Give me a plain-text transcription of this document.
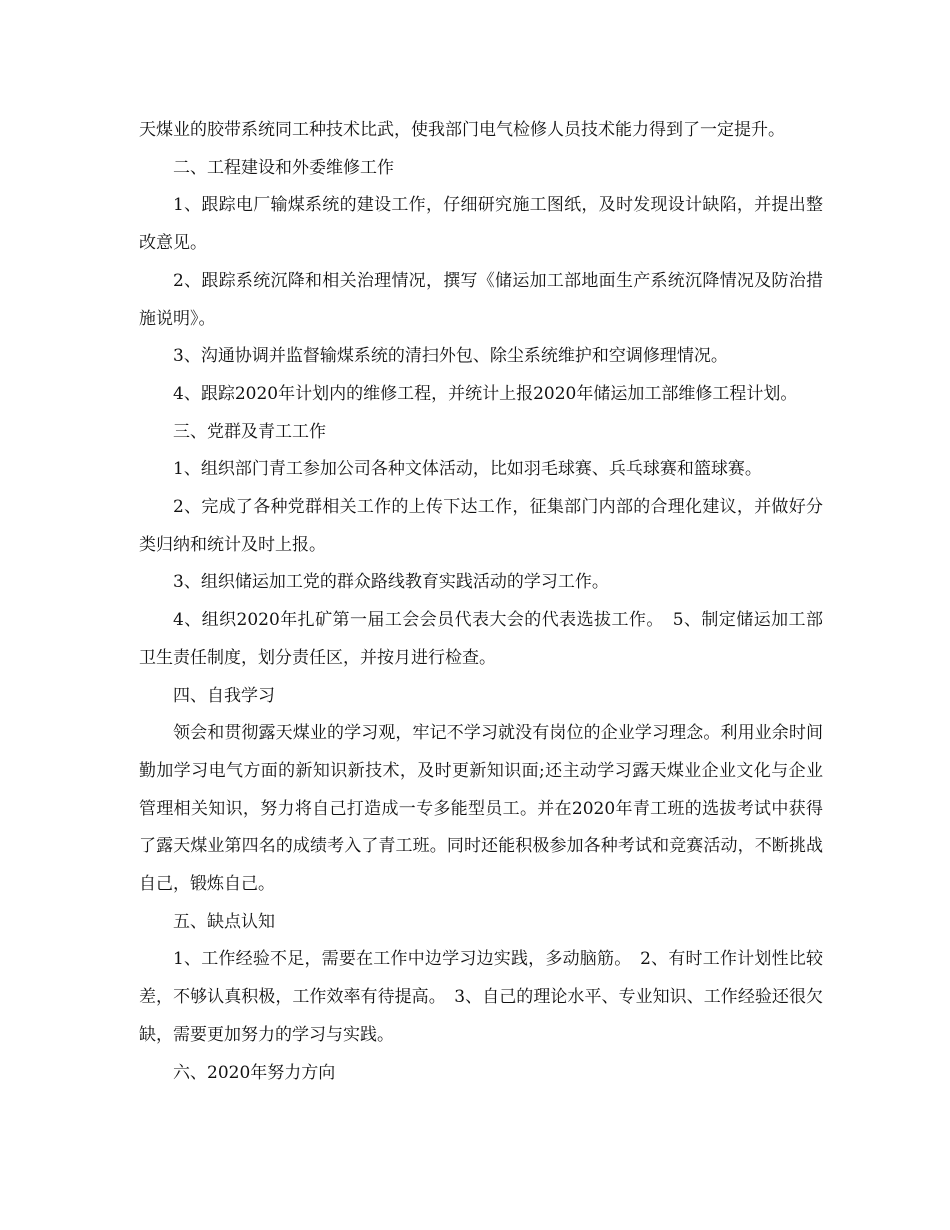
天煤业的胶带系统同工种技术比武，使我部门电气检修人员技术能力得到了一定提升。

二、工程建设和外委维修工作

1、跟踪电厂输煤系统的建设工作，仔细研究施工图纸，及时发现设计缺陷，并提出整改意见。

2、跟踪系统沉降和相关治理情况，撰写《储运加工部地面生产系统沉降情况及防治措施说明》。

3、沟通协调并监督输煤系统的清扫外包、除尘系统维护和空调修理情况。

4、跟踪2020年计划内的维修工程，并统计上报2020年储运加工部维修工程计划。

三、党群及青工工作

1、组织部门青工参加公司各种文体活动，比如羽毛球赛、兵乓球赛和篮球赛。

2、完成了各种党群相关工作的上传下达工作，征集部门内部的合理化建议，并做好分类归纳和统计及时上报。

3、组织储运加工党的群众路线教育实践活动的学习工作。

4、组织2020年扎矿第一届工会会员代表大会的代表选拔工作。　5、制定储运加工部卫生责任制度，划分责任区，并按月进行检查。

四、自我学习

领会和贯彻露天煤业的学习观，牢记不学习就没有岗位的企业学习理念。利用业余时间勤加学习电气方面的新知识新技术，及时更新知识面;还主动学习露天煤业企业文化与企业管理相关知识，努力将自己打造成一专多能型员工。并在2020年青工班的选拔考试中获得了露天煤业第四名的成绩考入了青工班。同时还能积极参加各种考试和竞赛活动，不断挑战自己，锻炼自己。

五、缺点认知

1、工作经验不足，需要在工作中边学习边实践，多动脑筋。　2、有时工作计划性比较差，不够认真积极，工作效率有待提高。　3、自己的理论水平、专业知识、工作经验还很欠缺，需要更加努力的学习与实践。

六、2020年努力方向
